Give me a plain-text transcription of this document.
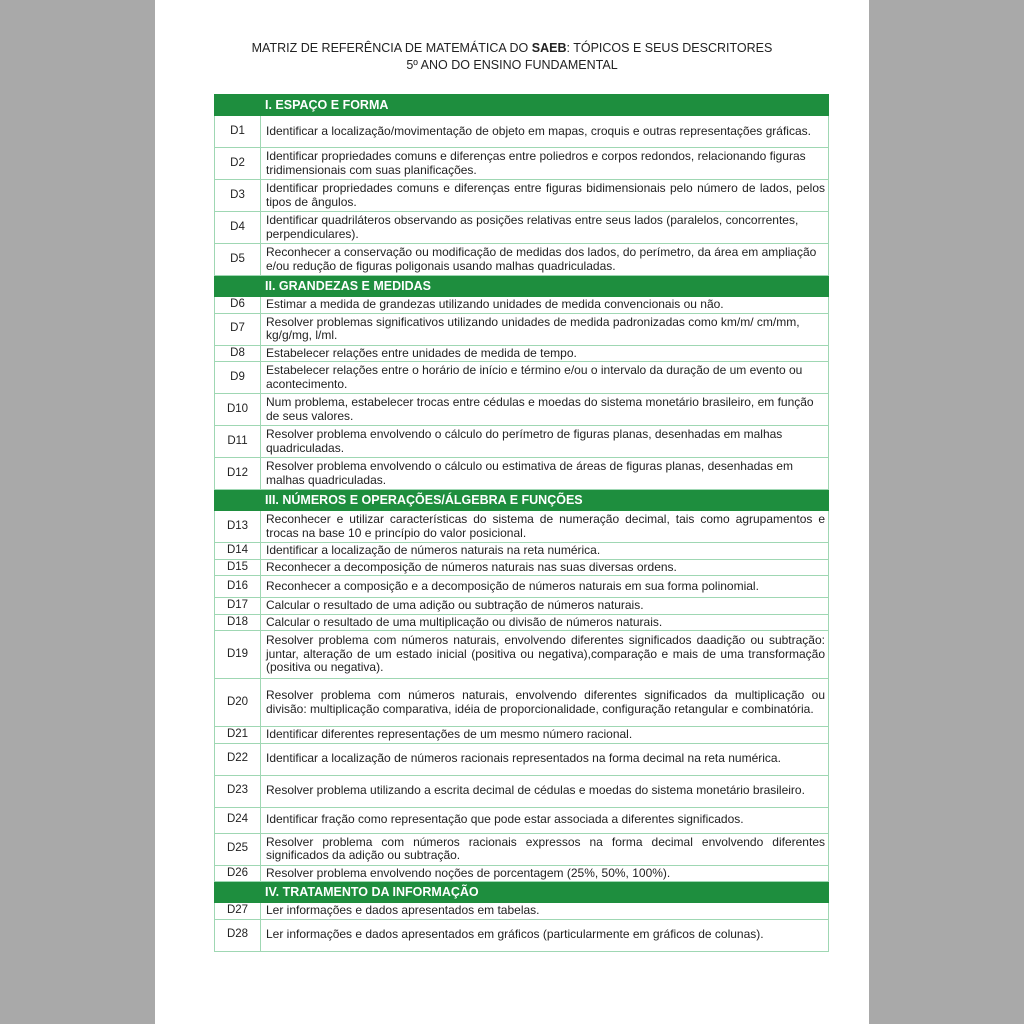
MATRIZ DE REFERÊNCIA DE MATEMÁTICA DO SAEB: TÓPICOS E SEUS DESCRITORES
5º ANO DO ENSINO FUNDAMENTAL
	I. ESPAÇO E FORMA
D1	Identificar a localização/movimentação de objeto em mapas, croquis e outras representações gráficas.
D2	Identificar propriedades comuns e diferenças entre poliedros e corpos redondos, relacionando figuras tridimensionais com suas planificações.
D3	Identificar propriedades comuns e diferenças entre figuras bidimensionais pelo número de lados, pelos tipos de ângulos.
D4	Identificar quadriláteros observando as posições relativas entre seus lados (paralelos, concorrentes, perpendiculares).
D5	Reconhecer a conservação ou modificação de medidas dos lados, do perímetro, da área em ampliação e/ou redução de figuras poligonais usando malhas quadriculadas.
	II. GRANDEZAS E MEDIDAS
D6	Estimar a medida de grandezas utilizando unidades de medida convencionais ou não.
D7	Resolver problemas significativos utilizando unidades de medida padronizadas como km/m/ cm/mm, kg/g/mg, l/ml.
D8	Estabelecer relações entre unidades de medida de tempo.
D9	Estabelecer relações entre o horário de início e término e/ou o intervalo da duração de um evento ou acontecimento.
D10	Num problema, estabelecer trocas entre cédulas e moedas do sistema monetário brasileiro, em função de seus valores.
D11	Resolver problema envolvendo o cálculo do perímetro de figuras planas, desenhadas em malhas quadriculadas.
D12	Resolver problema envolvendo o cálculo ou estimativa de áreas de figuras planas, desenhadas em malhas quadriculadas.
	III. NÚMEROS E OPERAÇÕES/ÁLGEBRA E FUNÇÕES
D13	Reconhecer e utilizar características do sistema de numeração decimal, tais como agrupamentos e trocas na base 10 e princípio do valor posicional.
D14	Identificar a localização de números naturais na reta numérica.
D15	Reconhecer a decomposição de números naturais nas suas diversas ordens.
D16	Reconhecer a composição e a decomposição de números naturais em sua forma polinomial.
D17	Calcular o resultado de uma adição ou subtração de números naturais.
D18	Calcular o resultado de uma multiplicação ou divisão de números naturais.
D19	Resolver problema com números naturais, envolvendo diferentes significados daadição ou subtração: juntar, alteração de um estado inicial (positiva ou negativa),comparação e mais de uma transformação (positiva ou negativa).
D20	Resolver problema com números naturais, envolvendo diferentes significados da multiplicação ou divisão: multiplicação comparativa, idéia de proporcionalidade, configuração retangular e combinatória.
D21	Identificar diferentes representações de um mesmo número racional.
D22	Identificar a localização de números racionais representados na forma decimal na reta numérica.
D23	Resolver problema utilizando a escrita decimal de cédulas e moedas do sistema monetário brasileiro.
D24	Identificar fração como representação que pode estar associada a diferentes significados.
D25	Resolver problema com números racionais expressos na forma decimal envolvendo diferentes significados da adição ou subtração.
D26	Resolver problema envolvendo noções de porcentagem (25%, 50%, 100%).
	IV. TRATAMENTO DA INFORMAÇÃO
D27	Ler informações e dados apresentados em tabelas.
D28	Ler informações e dados apresentados em gráficos (particularmente em gráficos de colunas).
